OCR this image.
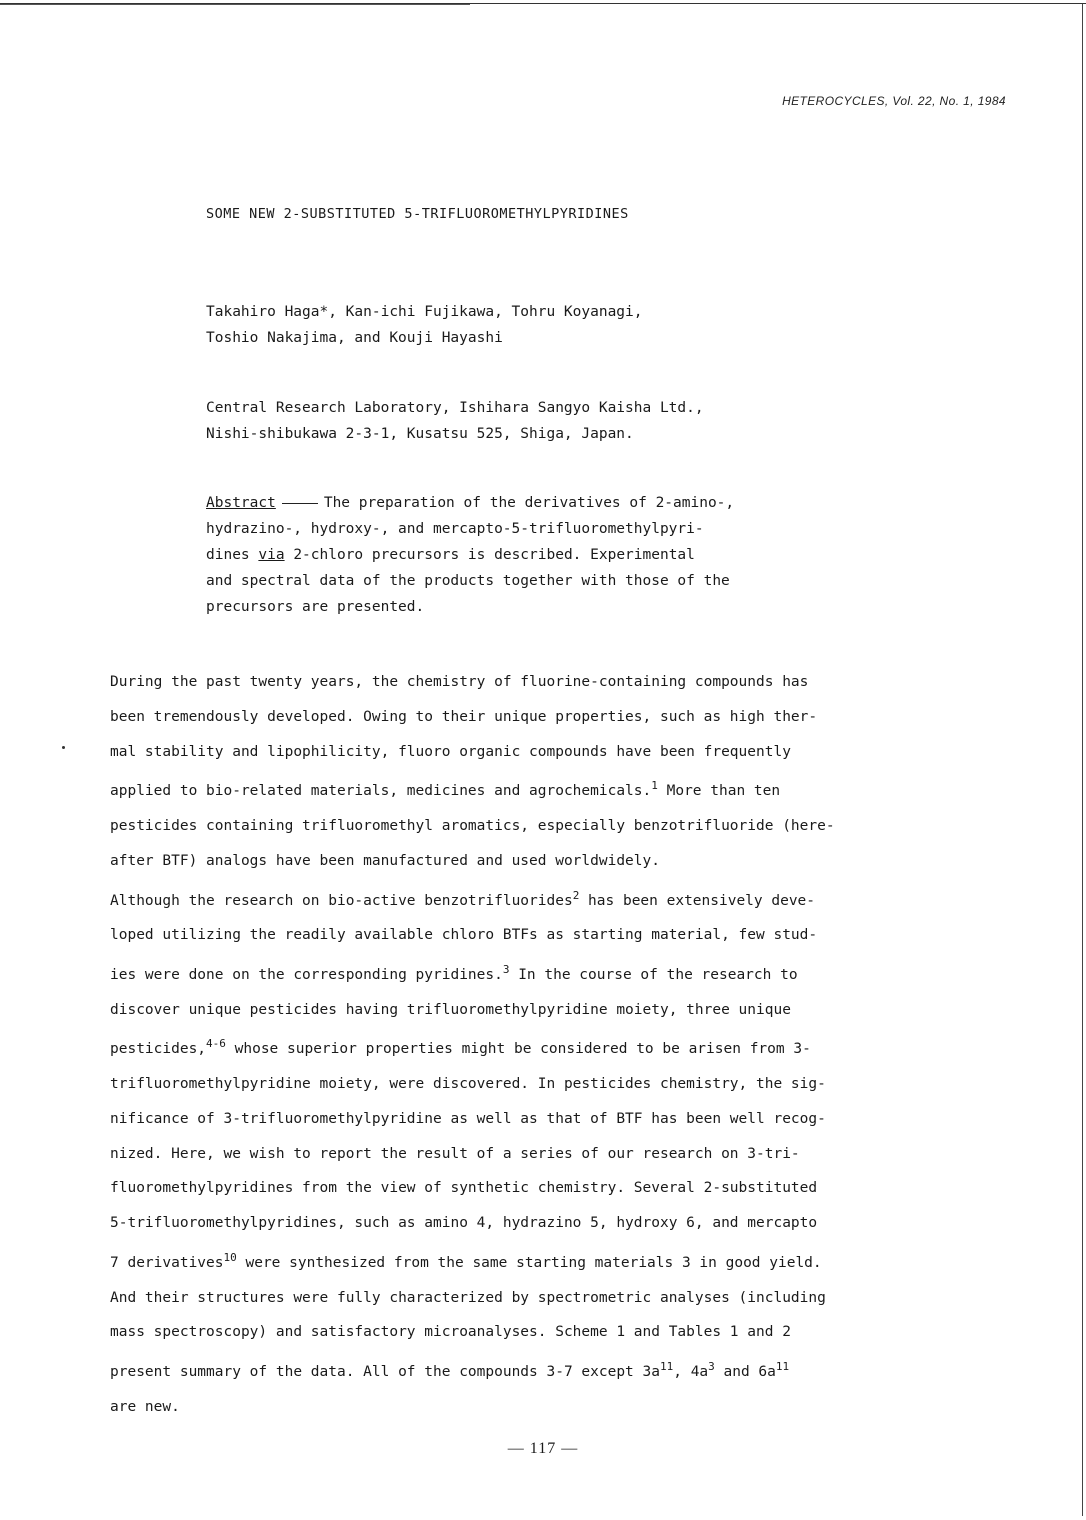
HETEROCYCLES, Vol. 22, No. 1, 1984
SOME NEW 2-SUBSTITUTED 5-TRIFLUOROMETHYLPYRIDINES
Takahiro Haga*, Kan-ichi Fujikawa, Tohru Koyanagi,
Toshio Nakajima, and Kouji Hayashi
Central Research Laboratory, Ishihara Sangyo Kaisha Ltd.,
Nishi-shibukawa 2-3-1, Kusatsu 525, Shiga, Japan.
Abstract	The preparation of the derivatives of 2-amino-,
hydrazino-, hydroxy-, and mercapto-5-trifluoromethylpyri-
dines via 2-chloro precursors is described. Experimental
and spectral data of the products together with those of the
precursors are presented.

During the past twenty years, the chemistry of fluorine-containing compounds has

been tremendously developed. Owing to their unique properties, such as high ther-

mal stability and lipophilicity, fluoro organic compounds have been frequently

applied to bio-related materials, medicines and agrochemicals.$^1$ More than ten

pesticides containing trifluoromethyl aromatics, especially benzotrifluoride (here-

after BTF) analogs have been manufactured and used worldwidely.

Although the research on bio-active benzotrifluorides$^2$ has been extensively deve-

loped utilizing the readily available chloro BTFs as starting material, few stud-

ies were done on the corresponding pyridines.$^3$ In the course of the research to

discover unique pesticides having trifluoromethylpyridine moiety, three unique

pesticides,$^{4-6}$ whose superior properties might be considered to be arisen from 3-

trifluoromethylpyridine moiety, were discovered. In pesticides chemistry, the sig-

nificance of 3-trifluoromethylpyridine as well as that of BTF has been well recog-

nized. Here, we wish to report the result of a series of our research on 3-tri-

fluoromethylpyridines from the view of synthetic chemistry. Several 2-substituted

5-trifluoromethylpyridines, such as amino 4, hydrazino 5, hydroxy 6, and mercapto

7 derivatives$^{10}$ were synthesized from the same starting materials 3 in good yield.

And their structures were fully characterized by spectrometric analyses (including

mass spectroscopy) and satisfactory microanalyses. Scheme 1 and Tables 1 and 2

present summary of the data. All of the compounds 3-7 except $3a^{11}$, $4a^3$ and $6a^{11}$

are new.

— 117 —
